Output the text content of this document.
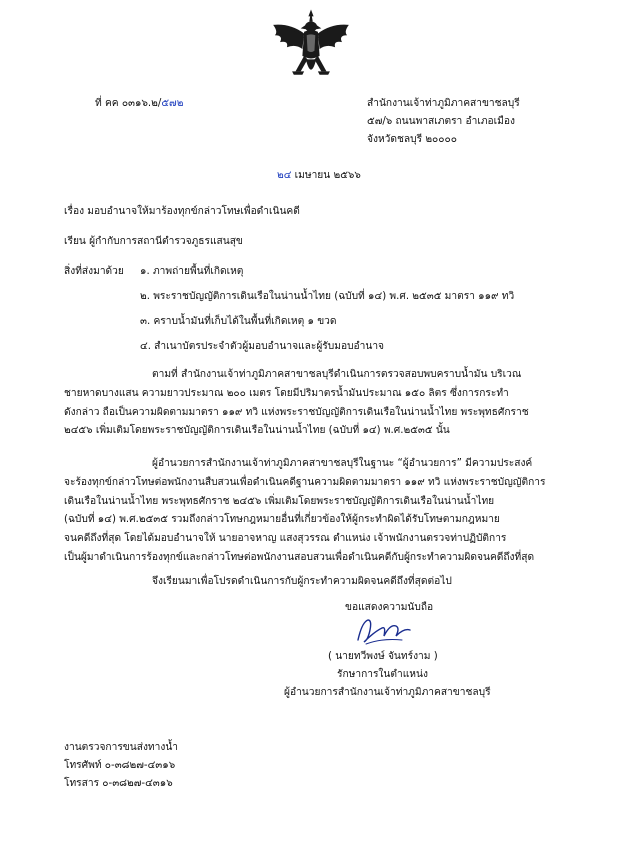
ที่ คค ๐๓๑๖.๒/๕๗๒	สำนักงานเจ้าท่าภูมิภาคสาขาชลบุรี
๕๗/๖ ถนนพาสเภตรา อำเภอเมือง
จังหวัดชลบุรี ๒๐๐๐๐
๒๔ เมษายน ๒๕๖๖
เรื่อง มอบอำนาจให้มาร้องทุกข์กล่าวโทษเพื่อดำเนินคดี
เรียน ผู้กำกับการสถานีตำรวจภูธรแสนสุข
สิ่งที่ส่งมาด้วย ๑. ภาพถ่ายพื้นที่เกิดเหตุ
๒. พระราชบัญญัติการเดินเรือในน่านน้ำไทย (ฉบับที่ ๑๔) พ.ศ. ๒๕๓๕ มาตรา ๑๑๙ ทวิ
๓. คราบน้ำมันที่เก็บได้ในพื้นที่เกิดเหตุ ๑ ขวด
๔. สำเนาบัตรประจำตัวผู้มอบอำนาจและผู้รับมอบอำนาจ
ตามที่ สำนักงานเจ้าท่าภูมิภาคสาขาชลบุรีดำเนินการตรวจสอบพบคราบน้ำมัน บริเวณ
ชายหาดบางแสน ความยาวประมาณ ๒๐๐ เมตร โดยมีปริมาตรน้ำมันประมาณ ๑๕๐ ลิตร ซึ่งการกระทำ
ดังกล่าว ถือเป็นความผิดตามมาตรา ๑๑๙ ทวิ แห่งพระราชบัญญัติการเดินเรือในน่านน้ำไทย พระพุทธศักราช
๒๔๕๖ เพิ่มเติมโดยพระราชบัญญัติการเดินเรือในน่านน้ำไทย (ฉบับที่ ๑๔) พ.ศ.๒๕๓๕ นั้น
ผู้อำนวยการสำนักงานเจ้าท่าภูมิภาคสาขาชลบุรีในฐานะ “ผู้อำนวยการ” มีความประสงค์
จะร้องทุกข์กล่าวโทษต่อพนักงานสืบสวนเพื่อดำเนินคดีฐานความผิดตามมาตรา ๑๑๙ ทวิ แห่งพระราชบัญญัติการ
เดินเรือในน่านน้ำไทย พระพุทธศักราช ๒๔๕๖ เพิ่มเติมโดยพระราชบัญญัติการเดินเรือในน่านน้ำไทย
(ฉบับที่ ๑๔) พ.ศ.๒๕๓๕ รวมถึงกล่าวโทษกฎหมายอื่นที่เกี่ยวข้องให้ผู้กระทำผิดได้รับโทษตามกฎหมาย
จนคดีถึงที่สุด โดยได้มอบอำนาจให้ นายอาจหาญ แสงสุวรรณ ตำแหน่ง เจ้าพนักงานตรวจท่าปฏิบัติการ
เป็นผู้มาดำเนินการร้องทุกข์และกล่าวโทษต่อพนักงานสอบสวนเพื่อดำเนินคดีกับผู้กระทำความผิดจนคดีถึงที่สุด
จึงเรียนมาเพื่อโปรดดำเนินการกับผู้กระทำความผิดจนคดีถึงที่สุดต่อไป
ขอแสดงความนับถือ
( นายทวีพงษ์ จันทร์งาม )
รักษาการในตำแหน่ง
ผู้อำนวยการสำนักงานเจ้าท่าภูมิภาคสาขาชลบุรี
งานตรวจการขนส่งทางน้ำ
โทรศัพท์ ๐-๓๘๒๗-๔๓๑๖
โทรสาร ๐-๓๘๒๗-๔๓๑๖
